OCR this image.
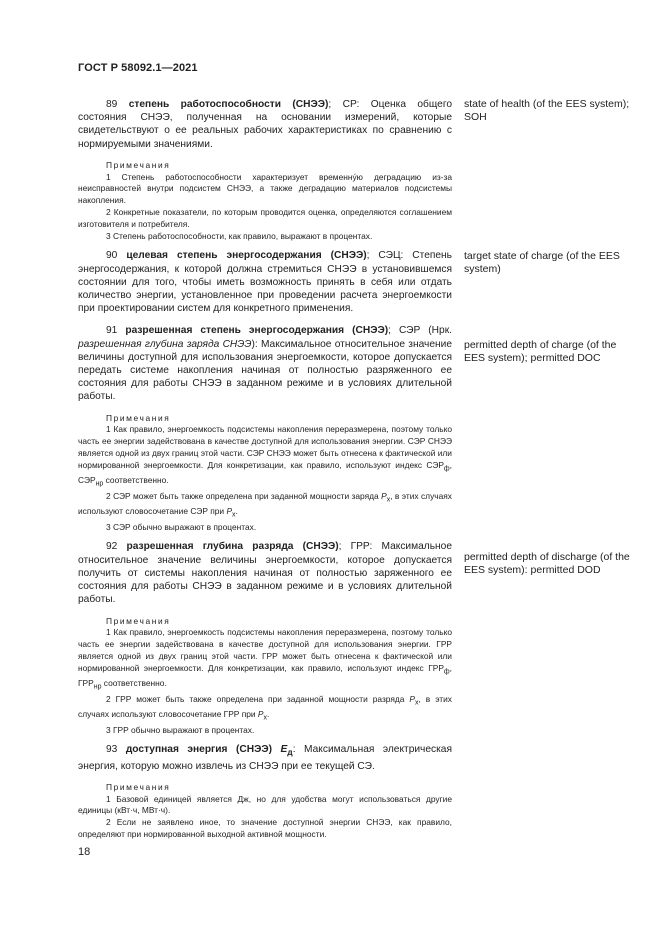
ГОСТ Р 58092.1—2021
state of health (of the EES system); SOH
target state of charge (of the EES system)
permitted depth of charge (of the EES system); permitted DOC
permitted depth of discharge (of the EES system): permitted DOD

89 степень работоспособности (СНЭЭ); СР: Оценка общего состояния СНЭЭ, полученная на основании измерений, которые свидетельствуют о ее реальных рабочих характеристиках по сравнению с нормируемыми значениями.

Примечания

1 Степень работоспособности характеризует временну́ю деградацию из-за неисправностей внутри подсистем СНЭЭ, а также деградацию материалов подсистемы накопления.

2 Конкретные показатели, по которым проводится оценка, определяются соглашением изготовителя и потребителя.

3 Степень работоспособности, как правило, выражают в процентах.

90 целевая степень энергосодержания (СНЭЭ); СЭЦ: Степень энергосодержания, к которой должна стремиться СНЭЭ в установившемся состоянии для того, чтобы иметь возможность принять в себя или отдать количество энергии, установленное при проведении расчета энергоемкости при проектировании систем для конкретного применения.

91 разрешенная степень энергосодержания (СНЭЭ); СЭР (Нрк. разрешенная глубина заряда СНЭЭ): Максимальное относительное значение величины доступной для использования энергоемкости, которое допускается передать системе накопления начиная от полностью разряженного ее состояния для работы СНЭЭ в заданном режиме и в условиях длительной работы.

Примечания

1 Как правило, энергоемкость подсистемы накопления переразмерена, поэтому только часть ее энергии задействована в качестве доступной для использования энергии. СЭР СНЭЭ является одной из двух границ этой части. СЭР СНЭЭ может быть отнесена к фактической или нормированной энергоемкости. Для конкретизации, как правило, используют индекс $СЭР_ф$, $СЭР_{нр}$ соответственно.

2 СЭР может быть также определена при заданной мощности заряда $P_x$, в этих случаях используют словосочетание СЭР при $P_x$.

3 СЭР обычно выражают в процентах.

92 разрешенная глубина разряда (СНЭЭ); ГРР: Максимальное относительное значение величины энергоемкости, которое допускается получить от системы накопления начиная от полностью заряженного ее состояния для работы СНЭЭ в заданном режиме и в условиях длительной работы.

Примечания

1 Как правило, энергоемкость подсистемы накопления переразмерена, поэтому только часть ее энергии задействована в качестве доступной для использования энергии. ГРР является одной из двух границ этой части. ГРР может быть отнесена к фактической или нормированной энергоемкости. Для конкретизации, как правило, используют индекс $ГРР_ф$, $ГРР_{нр}$ соответственно.

2 ГРР может быть также определена при заданной мощности разряда $P_x$, в этих случаях используют словосочетание ГРР при $P_x$.

3 ГРР обычно выражают в процентах.

93 доступная энергия (СНЭЭ) $E_д$: Максимальная электрическая энергия, которую можно извлечь из СНЭЭ при ее текущей СЭ.

Примечания

1 Базовой единицей является Дж, но для удобства могут использоваться другие единицы (кВт·ч, МВт·ч).

2 Если не заявлено иное, то значение доступной энергии СНЭЭ, как правило, определяют при нормированной выходной активной мощности.

18
